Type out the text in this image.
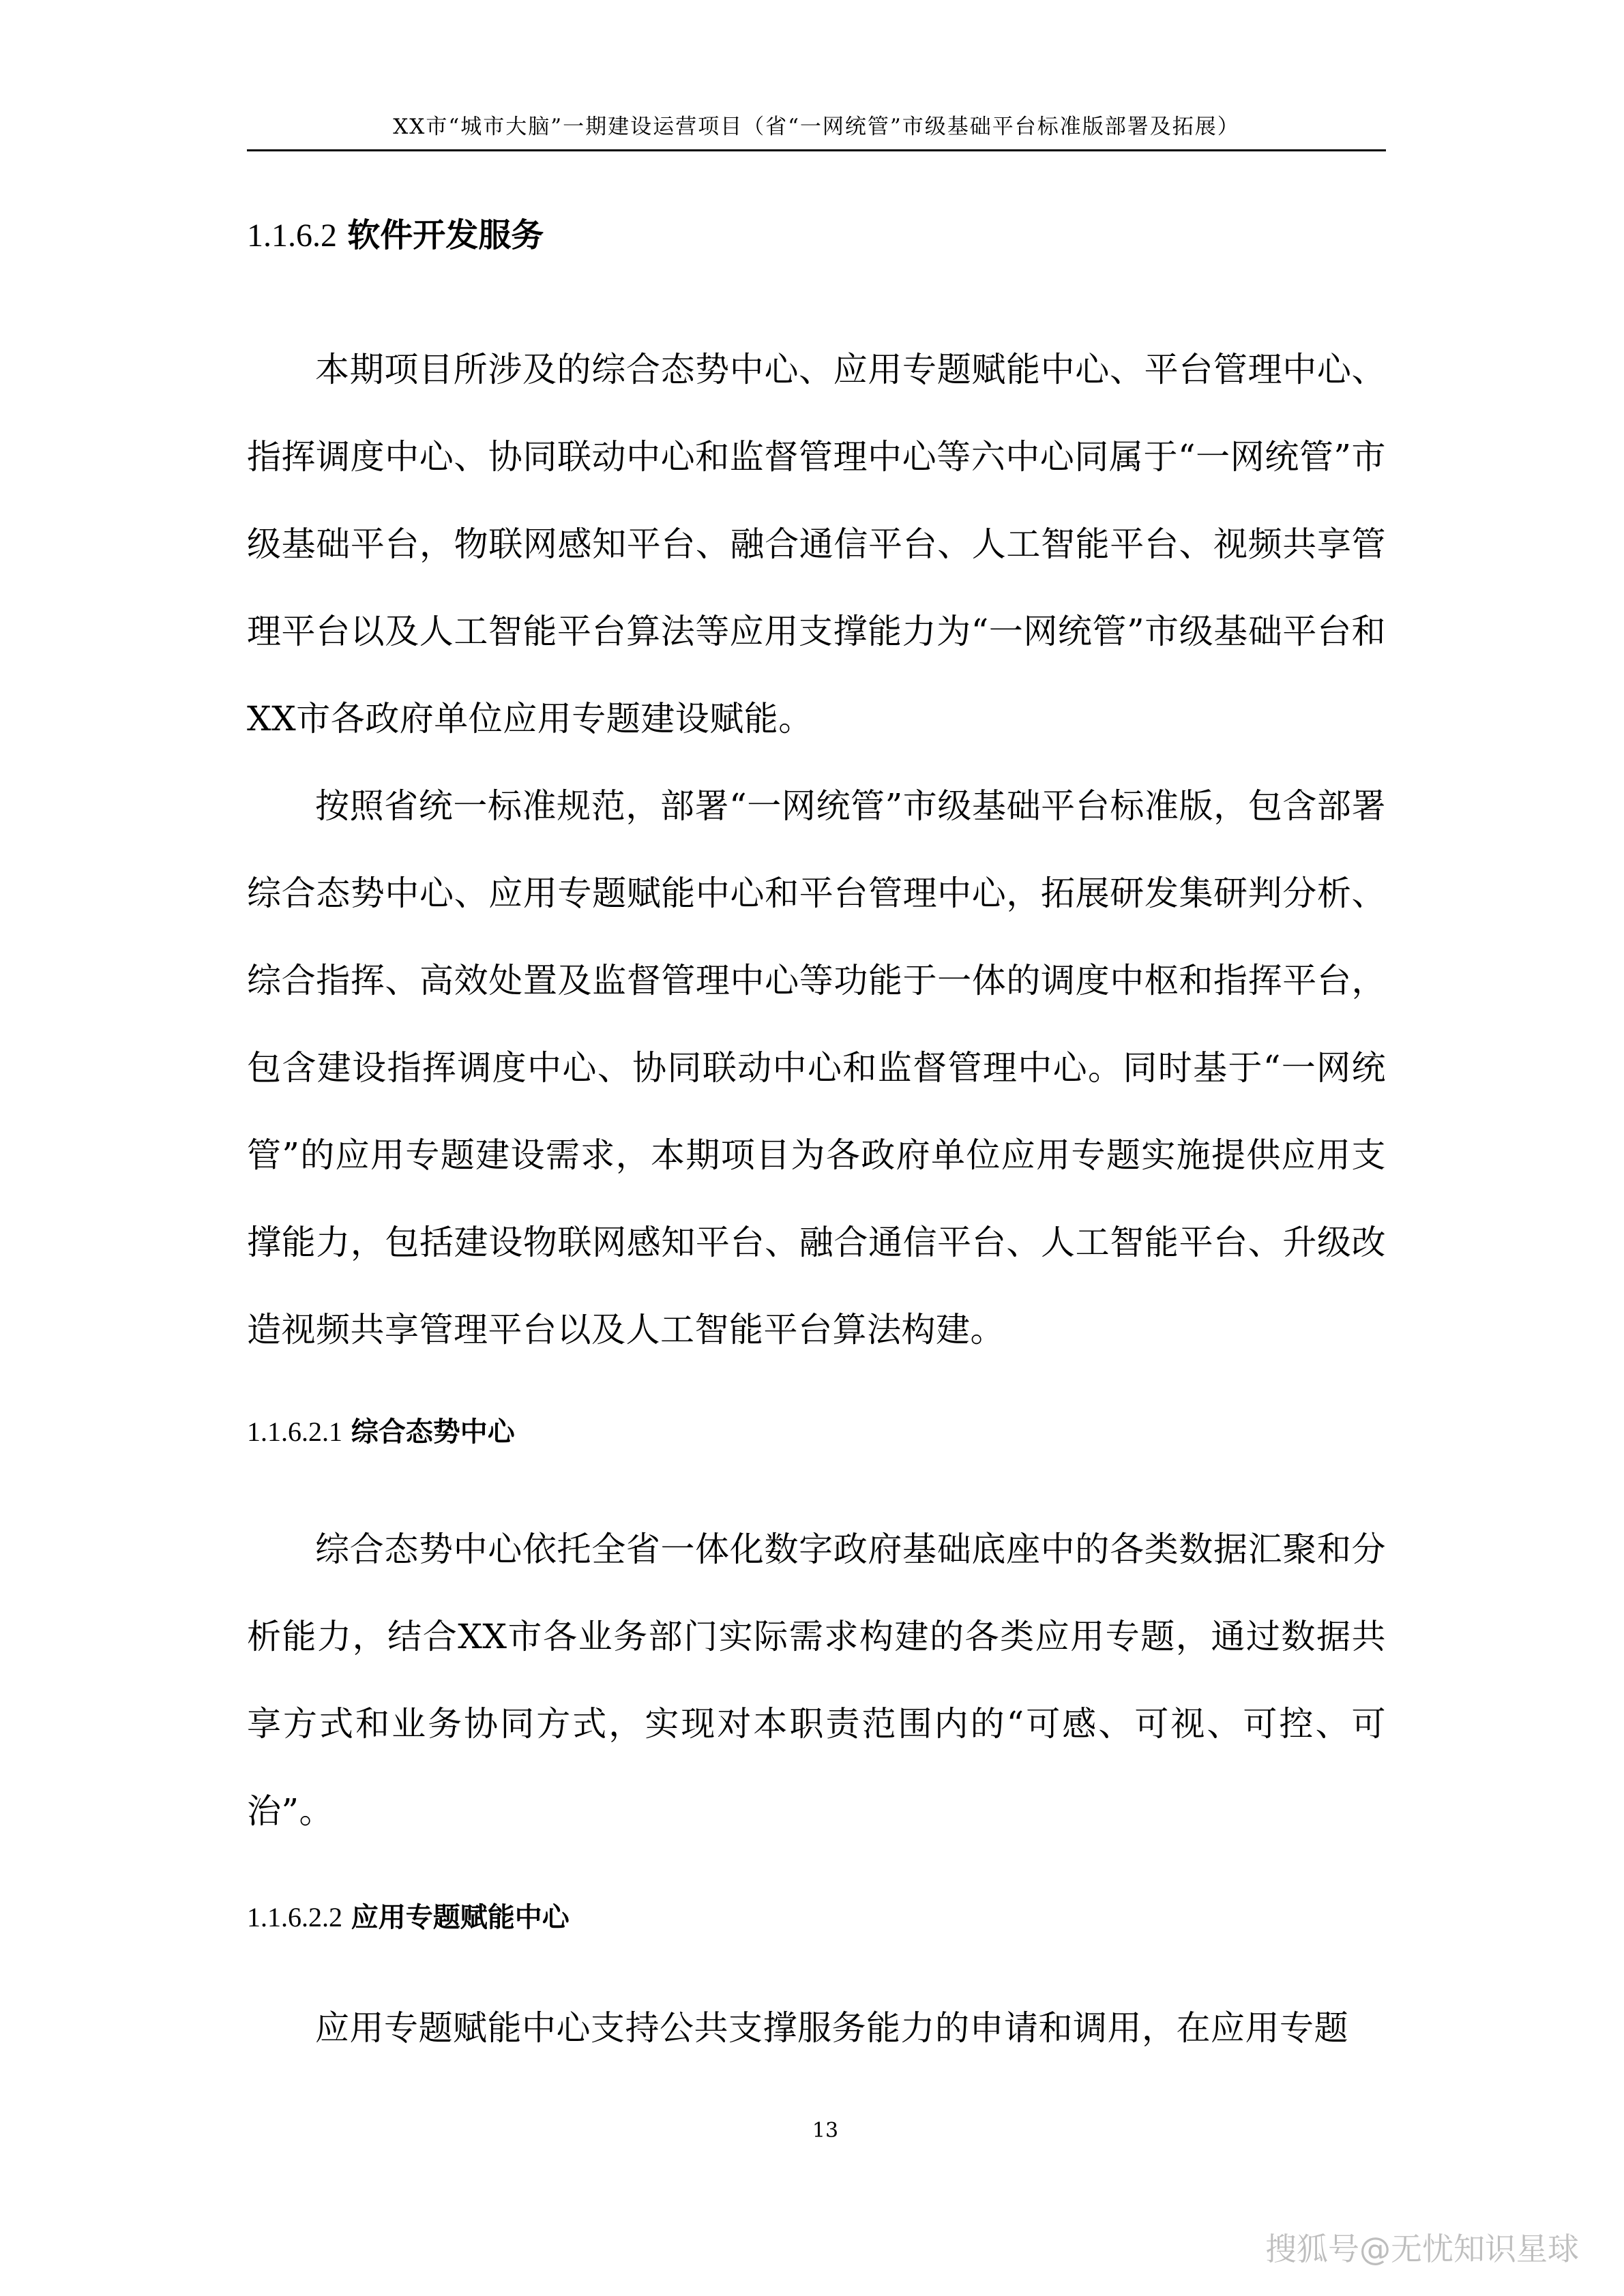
XX市“城市大脑”一期建设运营项目（省“一网统管”市级基础平台标准版部署及拓展）
1.1.6.2 软件开发服务

本期项目所涉及的综合态势中心、应用专题赋能中心、平台管理中心、指挥调度中心、协同联动中心和监督管理中心等六中心同属于“一网统管”市级基础平台，物联网感知平台、融合通信平台、人工智能平台、视频共享管理平台以及人工智能平台算法等应用支撑能力为“一网统管”市级基础平台和XX市各政府单位应用专题建设赋能。

按照省统一标准规范，部署“一网统管”市级基础平台标准版，包含部署综合态势中心、应用专题赋能中心和平台管理中心，拓展研发集研判分析、综合指挥、高效处置及监督管理中心等功能于一体的调度中枢和指挥平台，包含建设指挥调度中心、协同联动中心和监督管理中心。同时基于“一网统管”的应用专题建设需求，本期项目为各政府单位应用专题实施提供应用支撑能力，包括建设物联网感知平台、融合通信平台、人工智能平台、升级改造视频共享管理平台以及人工智能平台算法构建。

1.1.6.2.1 综合态势中心

综合态势中心依托全省一体化数字政府基础底座中的各类数据汇聚和分析能力，结合XX市各业务部门实际需求构建的各类应用专题，通过数据共享方式和业务协同方式，实现对本职责范围内的“可感、可视、可控、可治”。

1.1.6.2.2 应用专题赋能中心

应用专题赋能中心支持公共支撑服务能力的申请和调用，在应用专题

13
搜狐号@无忧知识星球
